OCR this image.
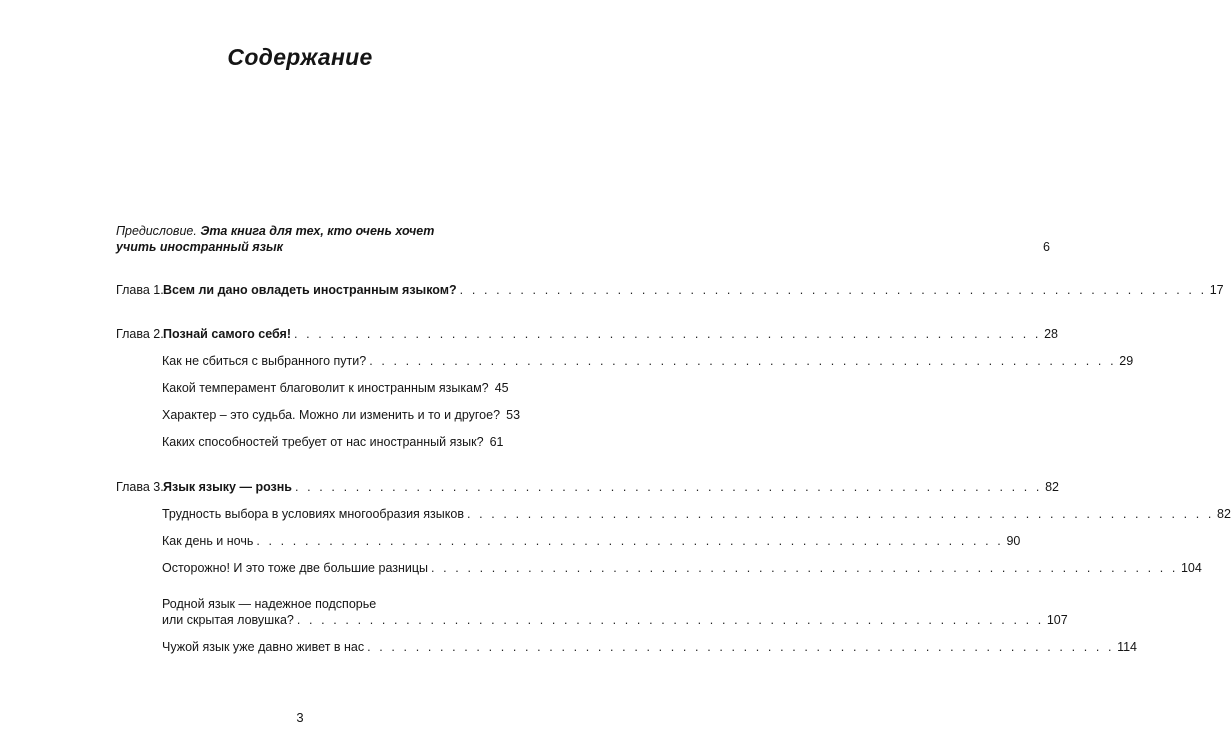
Содержание
Предисловие. Эта книга для тех, кто очень хочет
учить иностранный язык	6
Глава 1.Всем ли дано овладеть иностранным языком? . . . . . . . . . . . . . . . . . . . . . . . . . . . . . . . . . . . . . . . . . . . . . . . . . . . . . . . . . . . . . . 17
Глава 2.Познай самого себя! . . . . . . . . . . . . . . . . . . . . . . . . . . . . . . . . . . . . . . . . . . . . . . . . . . . . . . . . . . . . . . 28
Как не сбиться с выбранного пути? . . . . . . . . . . . . . . . . . . . . . . . . . . . . . . . . . . . . . . . . . . . . . . . . . . . . . . . . . . . . . . 29
Какой темперамент благоволит к иностранным языкам? 45
Характер – это судьба. Можно ли изменить и то и другое? 53
Каких способностей требует от нас иностранный язык? 61
Глава 3.Язык языку — рознь . . . . . . . . . . . . . . . . . . . . . . . . . . . . . . . . . . . . . . . . . . . . . . . . . . . . . . . . . . . . . . 82
Трудность выбора в условиях многообразия языков . . . . . . . . . . . . . . . . . . . . . . . . . . . . . . . . . . . . . . . . . . . . . . . . . . . . . . . . . . . . . . 82
Как день и ночь . . . . . . . . . . . . . . . . . . . . . . . . . . . . . . . . . . . . . . . . . . . . . . . . . . . . . . . . . . . . . . 90
Осторожно! И это тоже две большие разницы . . . . . . . . . . . . . . . . . . . . . . . . . . . . . . . . . . . . . . . . . . . . . . . . . . . . . . . . . . . . . . 104
Родной язык — надежное подспорье
или скрытая ловушка? . . . . . . . . . . . . . . . . . . . . . . . . . . . . . . . . . . . . . . . . . . . . . . . . . . . . . . . . . . . . . . 107
Чужой язык уже давно живет в нас . . . . . . . . . . . . . . . . . . . . . . . . . . . . . . . . . . . . . . . . . . . . . . . . . . . . . . . . . . . . . . 114
3
